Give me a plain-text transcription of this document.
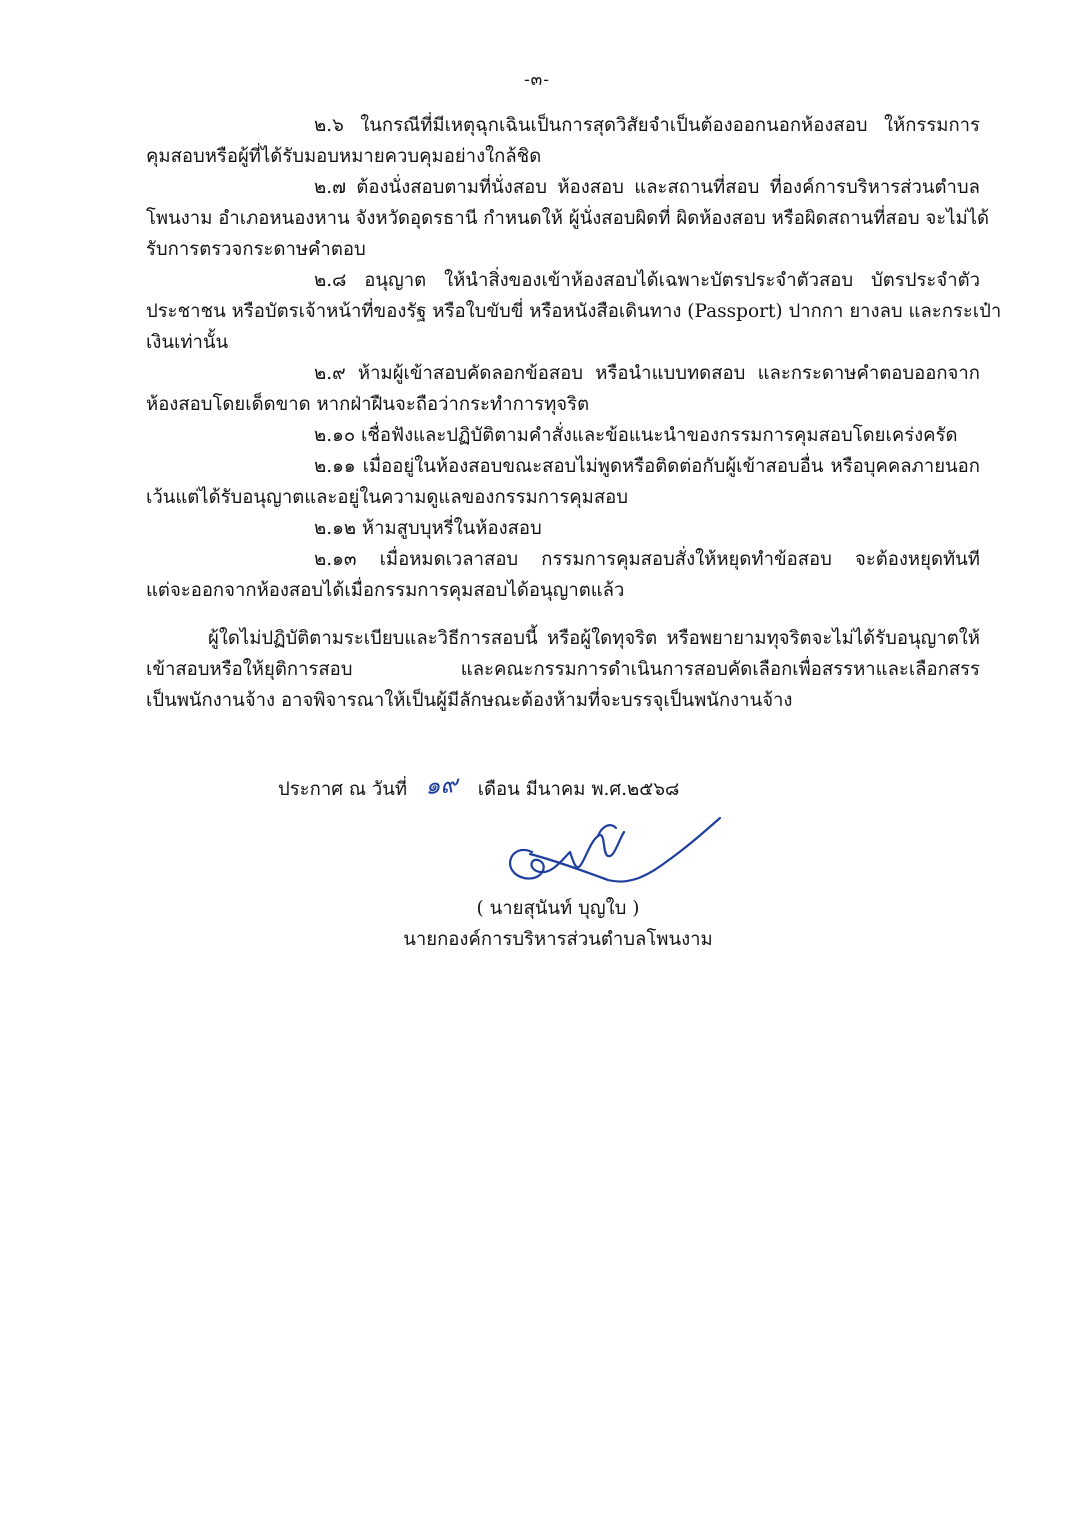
-๓-
๒.๖ ในกรณีที่มีเหตุฉุกเฉินเป็นการสุดวิสัยจำเป็นต้องออกนอกห้องสอบ ให้กรรมการ
คุมสอบหรือผู้ที่ได้รับมอบหมายควบคุมอย่างใกล้ชิด
๒.๗ ต้องนั่งสอบตามที่นั่งสอบ ห้องสอบ และสถานที่สอบ ที่องค์การบริหารส่วนตำบล
โพนงาม อำเภอหนองหาน จังหวัดอุดรธานี กำหนดให้ ผู้นั่งสอบผิดที่ ผิดห้องสอบ หรือผิดสถานที่สอบ จะไม่ได้
รับการตรวจกระดาษคำตอบ
๒.๘ อนุญาต ให้นำสิ่งของเข้าห้องสอบได้เฉพาะบัตรประจำตัวสอบ บัตรประจำตัว
ประชาชน หรือบัตรเจ้าหน้าที่ของรัฐ หรือใบขับขี่ หรือหนังสือเดินทาง (Passport) ปากกา ยางลบ และกระเป๋า
เงินเท่านั้น
๒.๙ ห้ามผู้เข้าสอบคัดลอกข้อสอบ หรือนำแบบทดสอบ และกระดาษคำตอบออกจาก
ห้องสอบโดยเด็ดขาด หากฝ่าฝืนจะถือว่ากระทำการทุจริต
๒.๑๐ เชื่อฟังและปฏิบัติตามคำสั่งและข้อแนะนำของกรรมการคุมสอบโดยเคร่งครัด
๒.๑๑ เมื่ออยู่ในห้องสอบขณะสอบไม่พูดหรือติดต่อกับผู้เข้าสอบอื่น หรือบุคคลภายนอก
เว้นแต่ได้รับอนุญาตและอยู่ในความดูแลของกรรมการคุมสอบ
๒.๑๒ ห้ามสูบบุหรี่ในห้องสอบ
๒.๑๓ เมื่อหมดเวลาสอบ กรรมการคุมสอบสั่งให้หยุดทำข้อสอบ จะต้องหยุดทันที
แต่จะออกจากห้องสอบได้เมื่อกรรมการคุมสอบได้อนุญาตแล้ว
ผู้ใดไม่ปฏิบัติตามระเบียบและวิธีการสอบนี้ หรือผู้ใดทุจริต หรือพยายามทุจริตจะไม่ได้รับอนุญาตให้
เข้าสอบหรือให้ยุติการสอบ และคณะกรรมการดำเนินการสอบคัดเลือกเพื่อสรรหาและเลือกสรร
เป็นพนักงานจ้าง อาจพิจารณาให้เป็นผู้มีลักษณะต้องห้ามที่จะบรรจุเป็นพนักงานจ้าง
ประกาศ ณ วันที่ ๑๙ เดือน มีนาคม พ.ศ.๒๕๖๘
( นายสุนันท์ บุญใบ )
นายกองค์การบริหารส่วนตำบลโพนงาม
